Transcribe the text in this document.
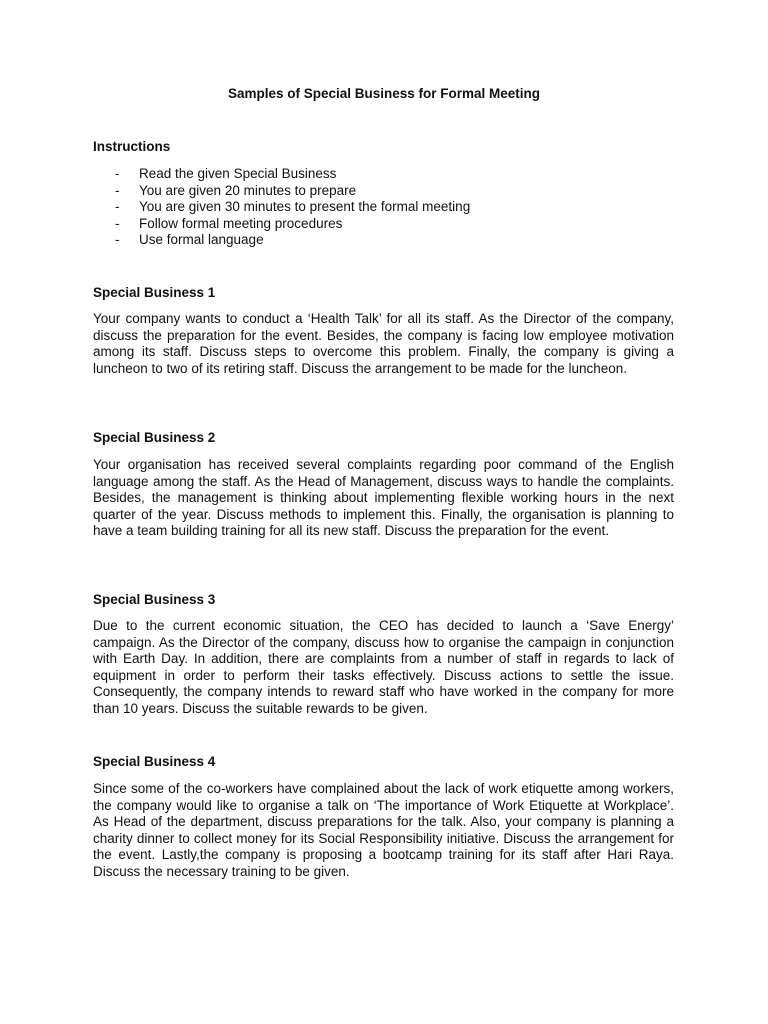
Samples of Special Business for Formal Meeting
Instructions
- Read the given Special Business
- You are given 20 minutes to prepare
- You are given 30 minutes to present the formal meeting
- Follow formal meeting procedures
- Use formal language
Special Business 1

Your company wants to conduct a ‘Health Talk’ for all its staff. As the Director of the company, discuss the preparation for the event. Besides, the company is facing low employee motivation among its staff. Discuss steps to overcome this problem. Finally, the company is giving a luncheon to two of its retiring staff. Discuss the arrangement to be made for the luncheon.

Special Business 2

Your organisation has received several complaints regarding poor command of the English language among the staff. As the Head of Management, discuss ways to handle the complaints. Besides, the management is thinking about implementing flexible working hours in the next quarter of the year. Discuss methods to implement this. Finally, the organisation is planning to have a team building training for all its new staff. Discuss the preparation for the event.

Special Business 3

Due to the current economic situation, the CEO has decided to launch a ‘Save Energy’ campaign. As the Director of the company, discuss how to organise the campaign in conjunction with Earth Day. In addition, there are complaints from a number of staff in regards to lack of equipment in order to perform their tasks effectively. Discuss actions to settle the issue. Consequently, the company intends to reward staff who have worked in the company for more than 10 years. Discuss the suitable rewards to be given.

Special Business 4

Since some of the co-workers have complained about the lack of work etiquette among workers, the company would like to organise a talk on ‘The importance of Work Etiquette at Workplace’. As Head of the department, discuss preparations for the talk. Also, your company is planning a charity dinner to collect money for its Social Responsibility initiative. Discuss the arrangement for the event. Lastly,the company is proposing a bootcamp training for its staff after Hari Raya. Discuss the necessary training to be given.
